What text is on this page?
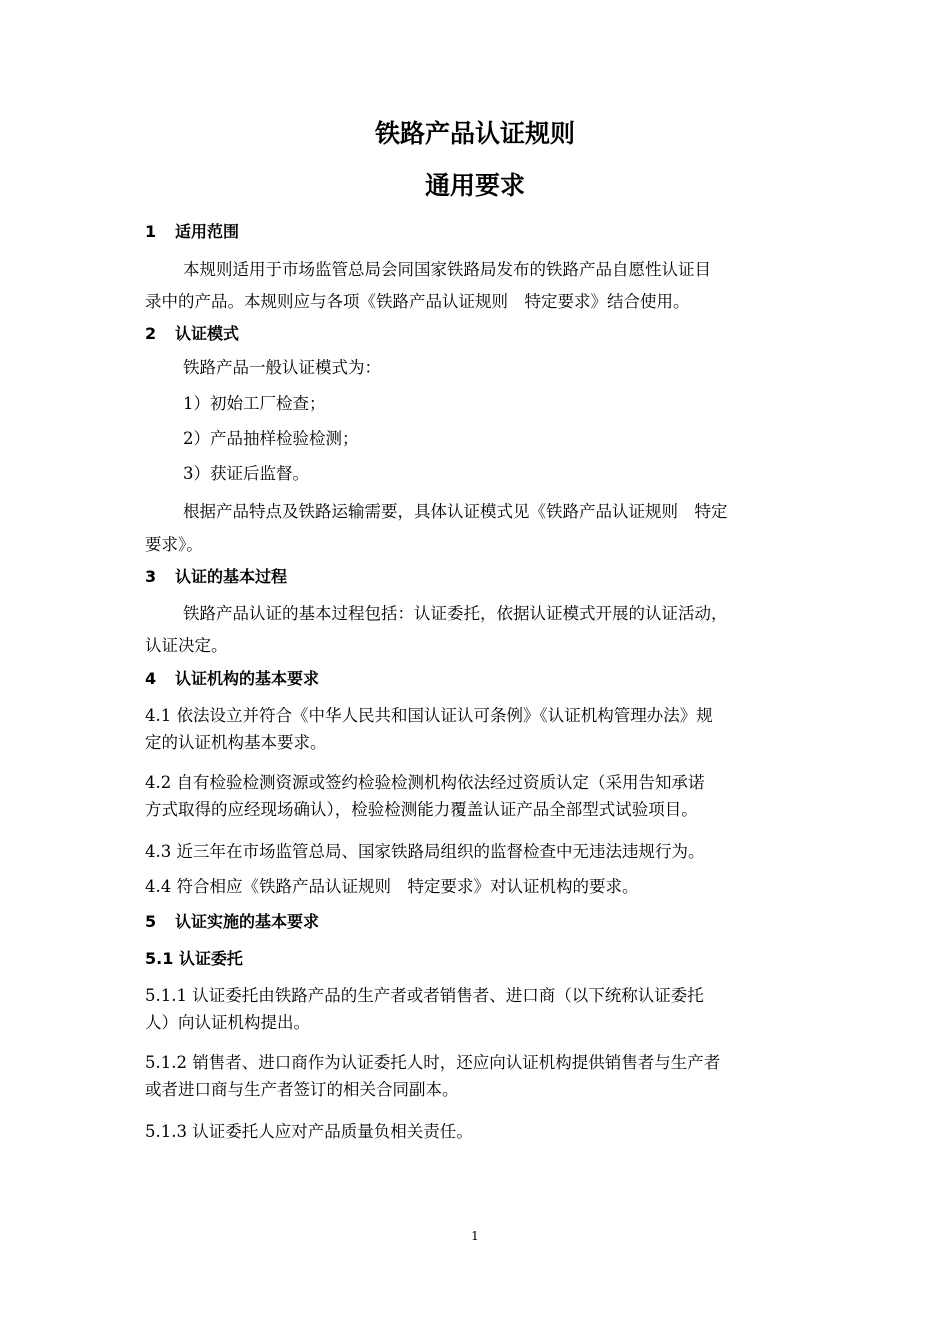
铁路产品认证规则
通用要求
1 适用范围
本规则适用于市场监管总局会同国家铁路局发布的铁路产品自愿性认证目
录中的产品。本规则应与各项《铁路产品认证规则　特定要求》结合使用。
2 认证模式
铁路产品一般认证模式为：
1）初始工厂检查；
2）产品抽样检验检测；
3）获证后监督。
根据产品特点及铁路运输需要，具体认证模式见《铁路产品认证规则　特定
要求》。
3 认证的基本过程
铁路产品认证的基本过程包括：认证委托，依据认证模式开展的认证活动，
认证决定。
4 认证机构的基本要求
4.1 依法设立并符合《中华人民共和国认证认可条例》《认证机构管理办法》规
定的认证机构基本要求。
4.2 自有检验检测资源或签约检验检测机构依法经过资质认定（采用告知承诺
方式取得的应经现场确认），检验检测能力覆盖认证产品全部型式试验项目。
4.3 近三年在市场监管总局、国家铁路局组织的监督检查中无违法违规行为。
4.4 符合相应《铁路产品认证规则　特定要求》对认证机构的要求。
5 认证实施的基本要求
5.1 认证委托
5.1.1 认证委托由铁路产品的生产者或者销售者、进口商（以下统称认证委托
人）向认证机构提出。
5.1.2 销售者、进口商作为认证委托人时，还应向认证机构提供销售者与生产者
或者进口商与生产者签订的相关合同副本。
5.1.3 认证委托人应对产品质量负相关责任。
1
